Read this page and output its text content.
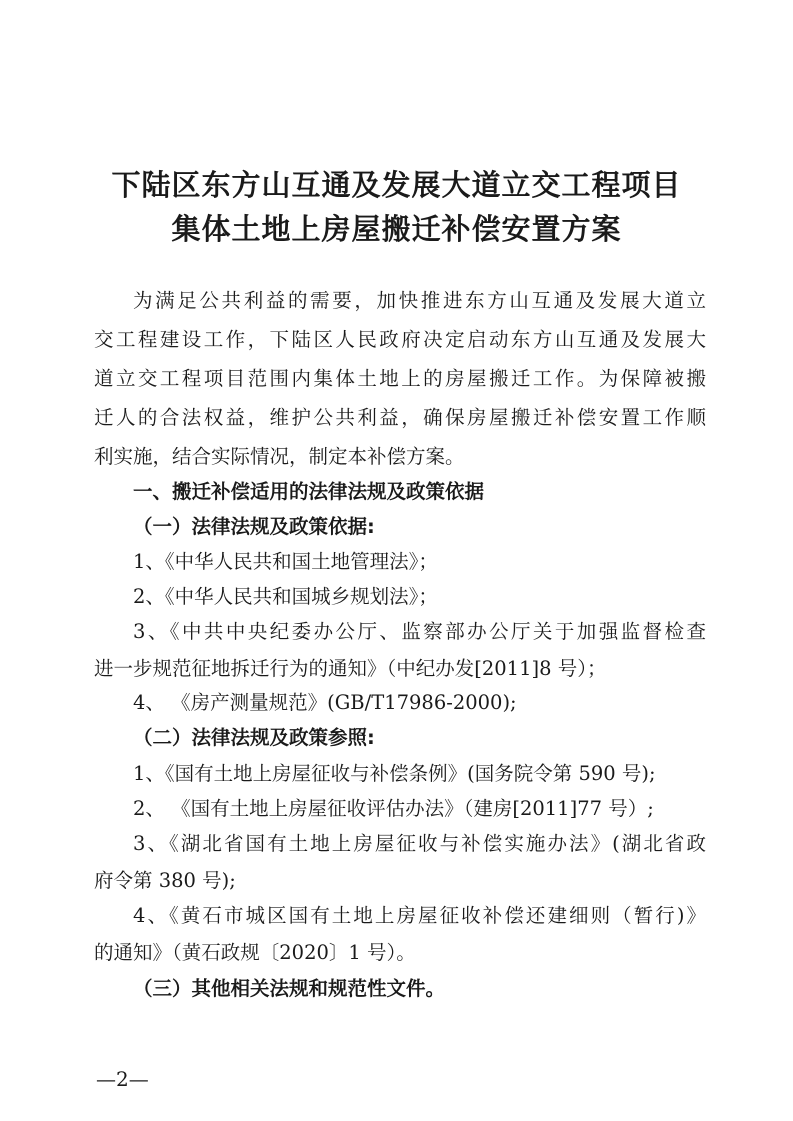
下陆区东方山互通及发展大道立交工程项目
集体土地上房屋搬迁补偿安置方案
为满足公共利益的需要，加快推进东方山互通及发展大道立
交工程建设工作，下陆区人民政府决定启动东方山互通及发展大
道立交工程项目范围内集体土地上的房屋搬迁工作。为保障被搬
迁人的合法权益，维护公共利益，确保房屋搬迁补偿安置工作顺
利实施，结合实际情况，制定本补偿方案。
一、搬迁补偿适用的法律法规及政策依据
（一）法律法规及政策依据:
1、《中华人民共和国土地管理法》；
2、《中华人民共和国城乡规划法》；
3、《中共中央纪委办公厅、监察部办公厅关于加强监督检查
进一步规范征地拆迁行为的通知》（中纪办发[2011]8 号）；
4、 《房产测量规范》(GB/T17986-2000);
（二）法律法规及政策参照:
1、《国有土地上房屋征收与补偿条例》(国务院令第 590 号);
2、 《国有土地上房屋征收评估办法》（建房[2011]77 号）;
3、《湖北省国有土地上房屋征收与补偿实施办法》(湖北省政
府令第 380 号);
4、《黄石市城区国有土地上房屋征收补偿还建细则（暂行)》
的通知》（黄石政规〔2020〕1 号）。
（三）其他相关法规和规范性文件。
—2—
